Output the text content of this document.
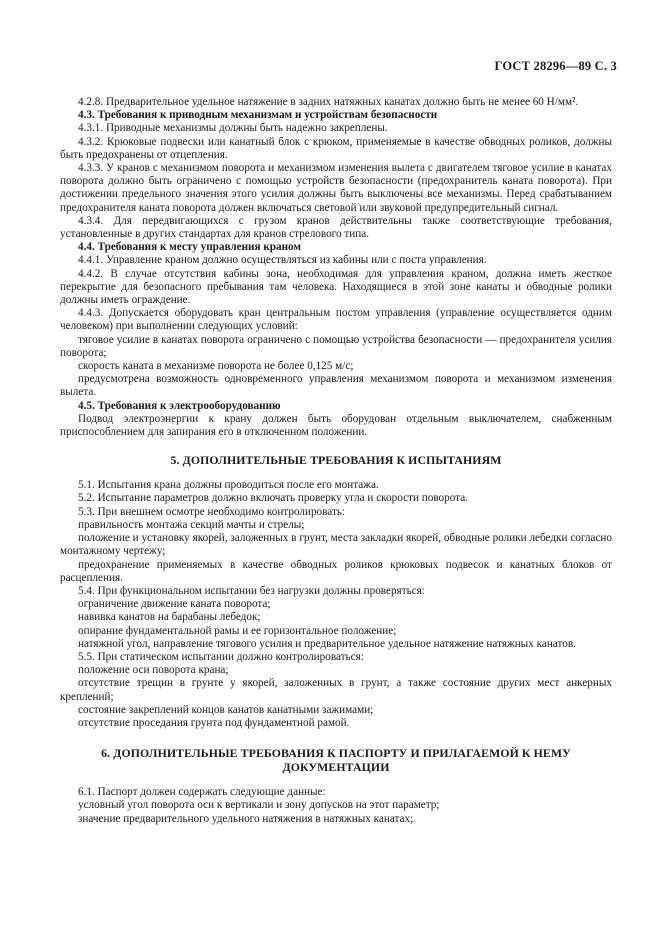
ГОСТ 28296—89 С. 3
4.2.8. Предварительное удельное натяжение в задних натяжных канатах должно быть не менее 60 Н/мм².
4.3. Требования к приводным механизмам и устройствам безопасности
4.3.1. Приводные механизмы должны быть надежно закреплены.
4.3.2. Крюковые подвески или канатный блок с крюком, применяемые в качестве обводных роликов, должны быть предохранены от отцепления.
4.3.3. У кранов с механизмом поворота и механизмом изменения вылета с двигателем тяговое усилие в канатах поворота должно быть ограничено с помощью устройств безопасности (предохранитель каната поворота). При достижении предельного значения этого усилия должны быть выключены все механизмы. Перед срабатыванием предохранителя каната поворота должен включаться световой или звуковой предупредительный сигнал.
4.3.4. Для передвигающихся с грузом кранов действительны также соответствующие требования, установленные в других стандартах для кранов стрелового типа.
4.4. Требования к месту управления краном
4.4.1. Управление краном должно осуществляться из кабины или с поста управления.
4.4.2. В случае отсутствия кабины зона, необходимая для управления краном, должна иметь жесткое перекрытие для безопасного пребывания там человека. Находящиеся в этой зоне канаты и обводные ролики должны иметь ограждение.
4.4.3. Допускается оборудовать кран центральным постом управления (управление осуществляется одним человеком) при выполнении следующих условий:
тяговое усилие в канатах поворота ограничено с помощью устройства безопасности — предохранителя усилия поворота;
скорость каната в механизме поворота не более 0,125 м/с;
предусмотрена возможность одновременного управления механизмом поворота и механизмом изменения вылета.
4.5. Требования к электрооборудованию
Подвод электроэнергии к крану должен быть оборудован отдельным выключателем, снабженным приспособлением для запирания его в отключенном положении.
5. ДОПОЛНИТЕЛЬНЫЕ ТРЕБОВАНИЯ К ИСПЫТАНИЯМ
5.1. Испытания крана должны проводиться после его монтажа.
5.2. Испытание параметров должно включать проверку угла и скорости поворота.
5.3. При внешнем осмотре необходимо контролировать:
правильность монтажа секций мачты и стрелы;
положение и установку якорей, заложенных в грунт, места закладки якорей, обводные ролики лебедки согласно монтажному чертежу;
предохранение применяемых в качестве обводных роликов крюковых подвесок и канатных блоков от расцепления.
5.4. При функциональном испытании без нагрузки должны проверяться:
ограничение движение каната поворота;
навивка канатов на барабаны лебедок;
опирание фундаментальной рамы и ее горизонтальное положение;
натяжной угол, направление тягового усилия и предварительное удельное натяжение натяжных канатов.
5.5. При статическом испытании должно контролироваться:
положение оси поворота крана;
отсутствие трещин в грунте у якорей, заложенных в грунт, а также состояние других мест анкерных креплений;
состояние закреплений концов канатов канатными зажимами;
отсутствие проседания грунта под фундаментной рамой.
6. ДОПОЛНИТЕЛЬНЫЕ ТРЕБОВАНИЯ К ПАСПОРТУ И ПРИЛАГАЕМОЙ К НЕМУ ДОКУМЕНТАЦИИ
6.1. Паспорт должен содержать следующие данные:
условный угол поворота оси к вертикали и зону допусков на этот параметр;
значение предварительного удельного натяжения в натяжных канатах;
